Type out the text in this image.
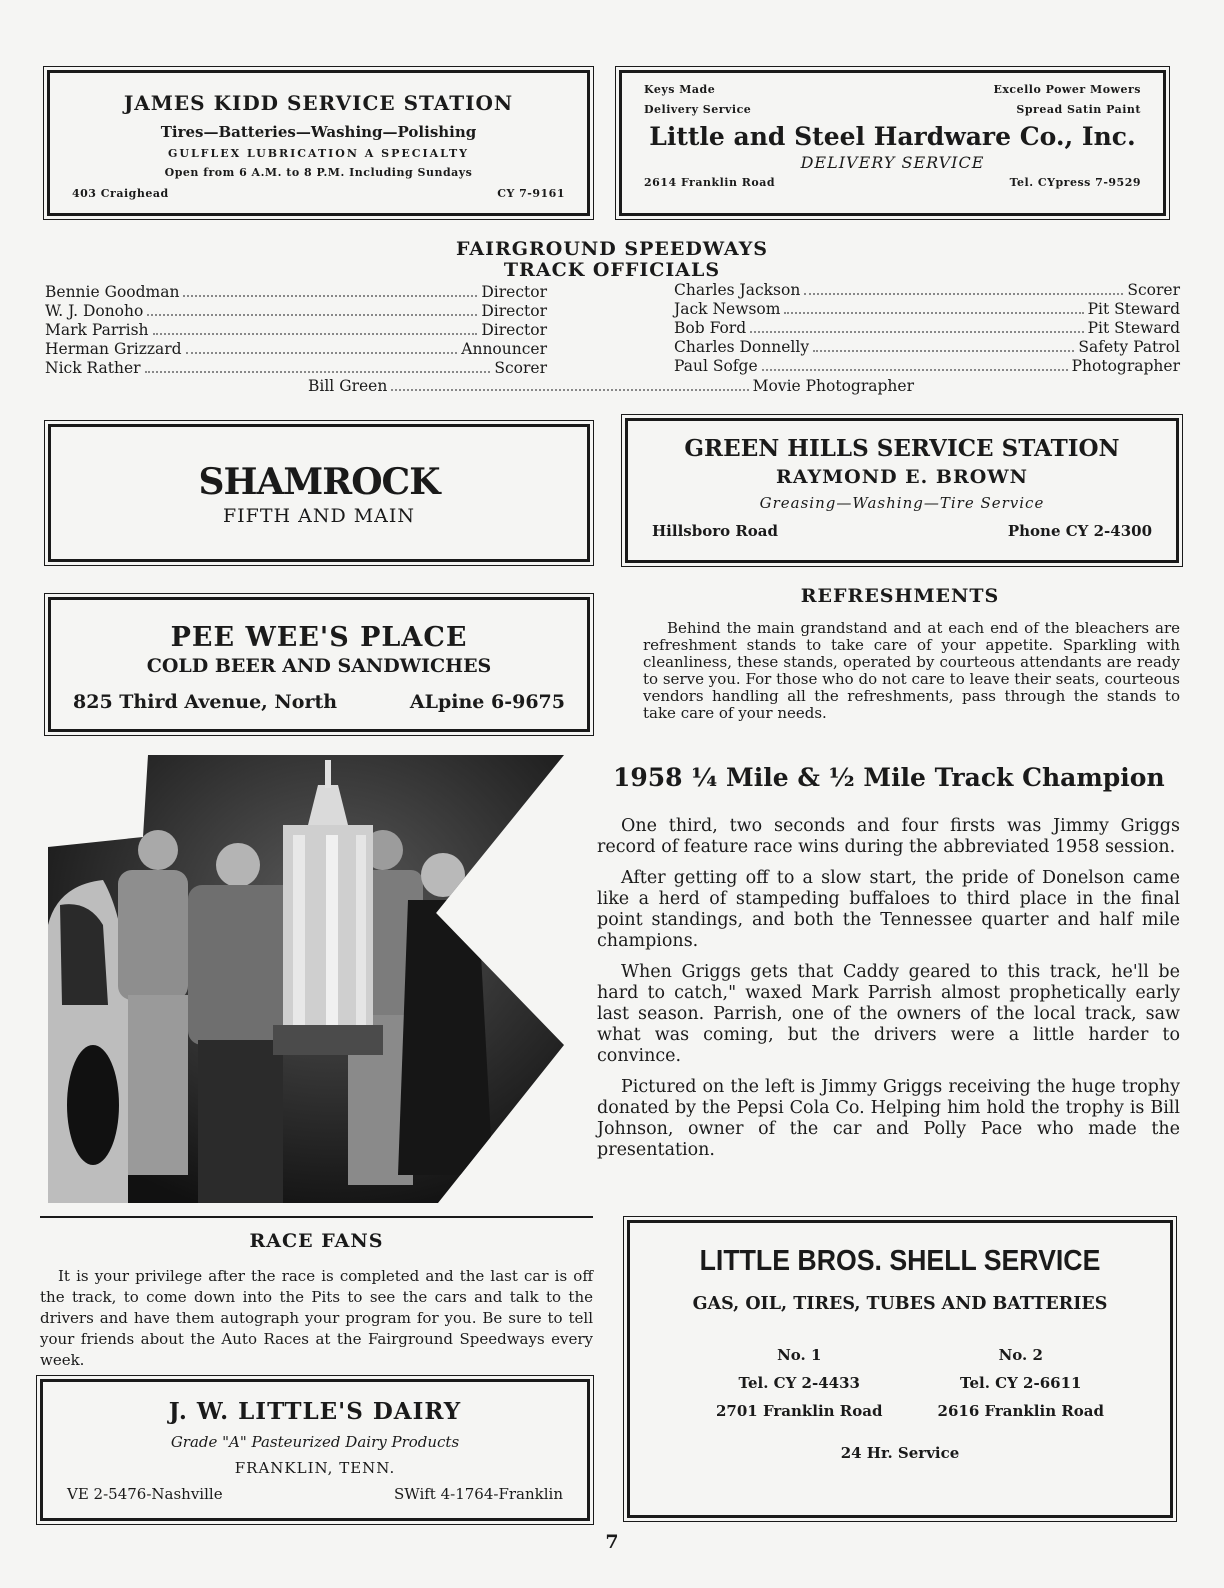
JAMES KIDD SERVICE STATION
Tires—Batteries—Washing—Polishing
GULFLEX LUBRICATION A SPECIALTY
Open from 6 A.M. to 8 P.M. Including Sundays
403 Craighead	CY 7-9161
Keys Made	Excello Power Mowers
Delivery Service	Spread Satin Paint
Little and Steel Hardware Co., Inc.
DELIVERY SERVICE
2614 Franklin Road	Tel. CYpress 7-9529
FAIRGROUND SPEEDWAYS
TRACK OFFICIALS
Bennie Goodman	Director
W. J. Donoho	Director
Mark Parrish	Director
Herman Grizzard	Announcer
Nick Rather	Scorer
Charles Jackson	Scorer
Jack Newsom	Pit Steward
Bob Ford	Pit Steward
Charles Donnelly	Safety Patrol
Paul Sofge	Photographer
Bill Green	Movie Photographer
SHAMROCK
FIFTH AND MAIN
GREEN HILLS SERVICE STATION
RAYMOND E. BROWN
Greasing—Washing—Tire Service
Hillsboro Road	Phone CY 2-4300
PEE WEE'S PLACE
COLD BEER AND SANDWICHES
825 Third Avenue, North	ALpine 6-9675
REFRESHMENTS
Behind the main grandstand and at each end of the bleachers are refreshment stands to take care of your appetite. Sparkling with cleanliness, these stands, operated by courteous attendants are ready to serve you. For those who do not care to leave their seats, courteous vendors handling all the refreshments, pass through the stands to take care of your needs.
1958 ¼ Mile & ½ Mile Track Champion

One third, two seconds and four firsts was Jimmy Griggs record of feature race wins during the abbreviated 1958 session.

After getting off to a slow start, the pride of Donelson came like a herd of stampeding buffaloes to third place in the final point standings, and both the Tennessee quarter and half mile champions.

When Griggs gets that Caddy geared to this track, he'll be hard to catch," waxed Mark Parrish almost prophetically early last season. Parrish, one of the owners of the local track, saw what was coming, but the drivers were a little harder to convince.

Pictured on the left is Jimmy Griggs receiving the huge trophy donated by the Pepsi Cola Co. Helping him hold the trophy is Bill Johnson, owner of the car and Polly Pace who made the presentation.

RACE FANS
It is your privilege after the race is completed and the last car is off the track, to come down into the Pits to see the cars and talk to the drivers and have them autograph your program for you. Be sure to tell your friends about the Auto Races at the Fairground Speedways every week.
J. W. LITTLE'S DAIRY
Grade "A" Pasteurized Dairy Products
FRANKLIN, TENN.
VE 2-5476-Nashville	SWift 4-1764-Franklin
LITTLE BROS. SHELL SERVICE
GAS, OIL, TIRES, TUBES AND BATTERIES
No. 1
Tel. CY 2-4433
2701 Franklin Road
No. 2
Tel. CY 2-6611
2616 Franklin Road
24 Hr. Service
7
